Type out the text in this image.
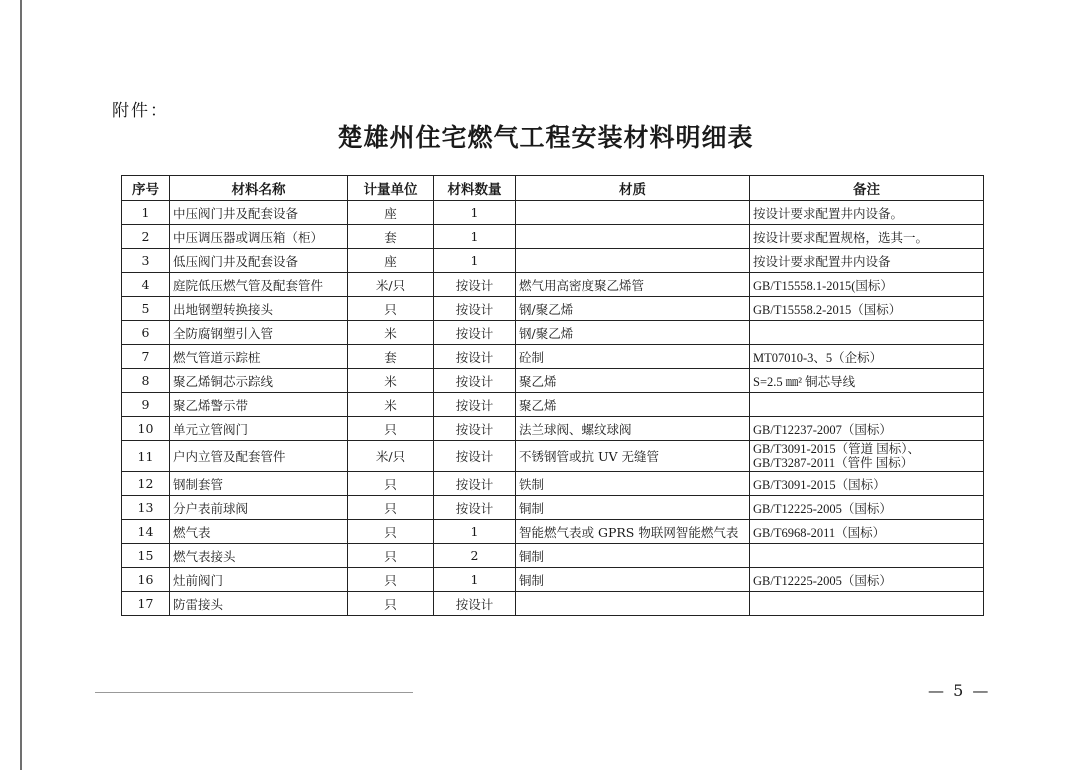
附件：
楚雄州住宅燃气工程安装材料明细表
序号	材料名称	计量单位	材料数量	材质	备注
1	中压阀门井及配套设备	座	1		按设计要求配置井内设备。
2	中压调压器或调压箱（柜）	套	1		按设计要求配置规格，选其一。
3	低压阀门井及配套设备	座	1		按设计要求配置井内设备
4	庭院低压燃气管及配套管件	米/只	按设计	燃气用高密度聚乙烯管	GB/T15558.1-2015(国标）
5	出地钢塑转换接头	只	按设计	钢/聚乙烯	GB/T15558.2-2015（国标）
6	全防腐钢塑引入管	米	按设计	钢/聚乙烯	
7	燃气管道示踪桩	套	按设计	砼制	MT07010-3、5（企标）
8	聚乙烯铜芯示踪线	米	按设计	聚乙烯	S=2.5 ㎜² 铜芯导线
9	聚乙烯警示带	米	按设计	聚乙烯	
10	单元立管阀门	只	按设计	法兰球阀、螺纹球阀	GB/T12237-2007（国标）
11	户内立管及配套管件	米/只	按设计	不锈钢管或抗 UV 无缝管	GB/T3091-2015（管道 国标）、
GB/T3287-2011（管件 国标）

12	钢制套管	只	按设计	铁制	GB/T3091-2015（国标）
13	分户表前球阀	只	按设计	铜制	GB/T12225-2005（国标）
14	燃气表	只	1	智能燃气表或 GPRS 物联网智能燃气表	GB/T6968-2011（国标）
15	燃气表接头	只	2	铜制	
16	灶前阀门	只	1	铜制	GB/T12225-2005（国标）
17	防雷接头	只	按设计		
— 5 —
